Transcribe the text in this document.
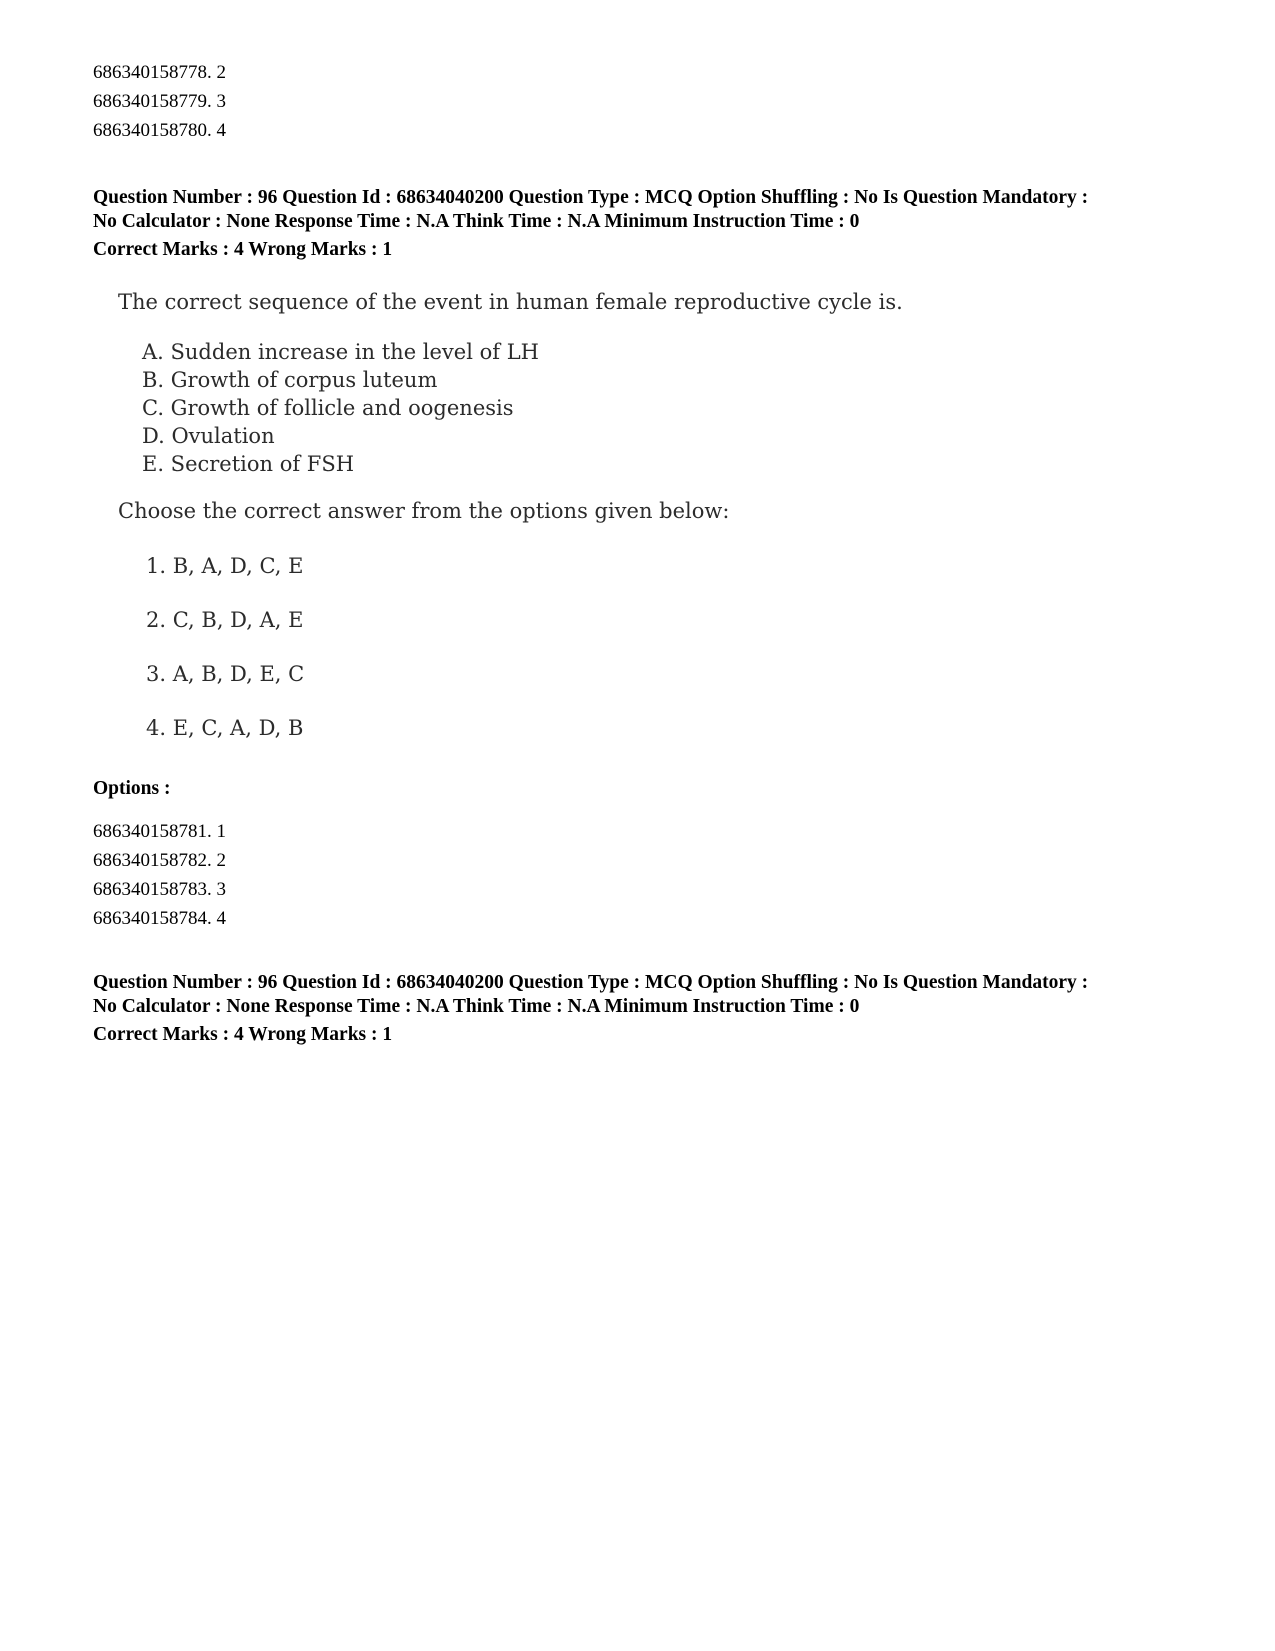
686340158778. 2
686340158779. 3
686340158780. 4
Question Number : 96 Question Id : 68634040200 Question Type : MCQ Option Shuffling : No Is Question Mandatory :
No Calculator : None Response Time : N.A Think Time : N.A Minimum Instruction Time : 0
Correct Marks : 4 Wrong Marks : 1
The correct sequence of the event in human female reproductive cycle is.
A. Sudden increase in the level of LH
B. Growth of corpus luteum
C. Growth of follicle and oogenesis
D. Ovulation
E. Secretion of FSH
Choose the correct answer from the options given below:
1. B, A, D, C, E
2. C, B, D, A, E
3. A, B, D, E, C
4. E, C, A, D, B
Options :
686340158781. 1
686340158782. 2
686340158783. 3
686340158784. 4
Question Number : 96 Question Id : 68634040200 Question Type : MCQ Option Shuffling : No Is Question Mandatory :
No Calculator : None Response Time : N.A Think Time : N.A Minimum Instruction Time : 0
Correct Marks : 4 Wrong Marks : 1
